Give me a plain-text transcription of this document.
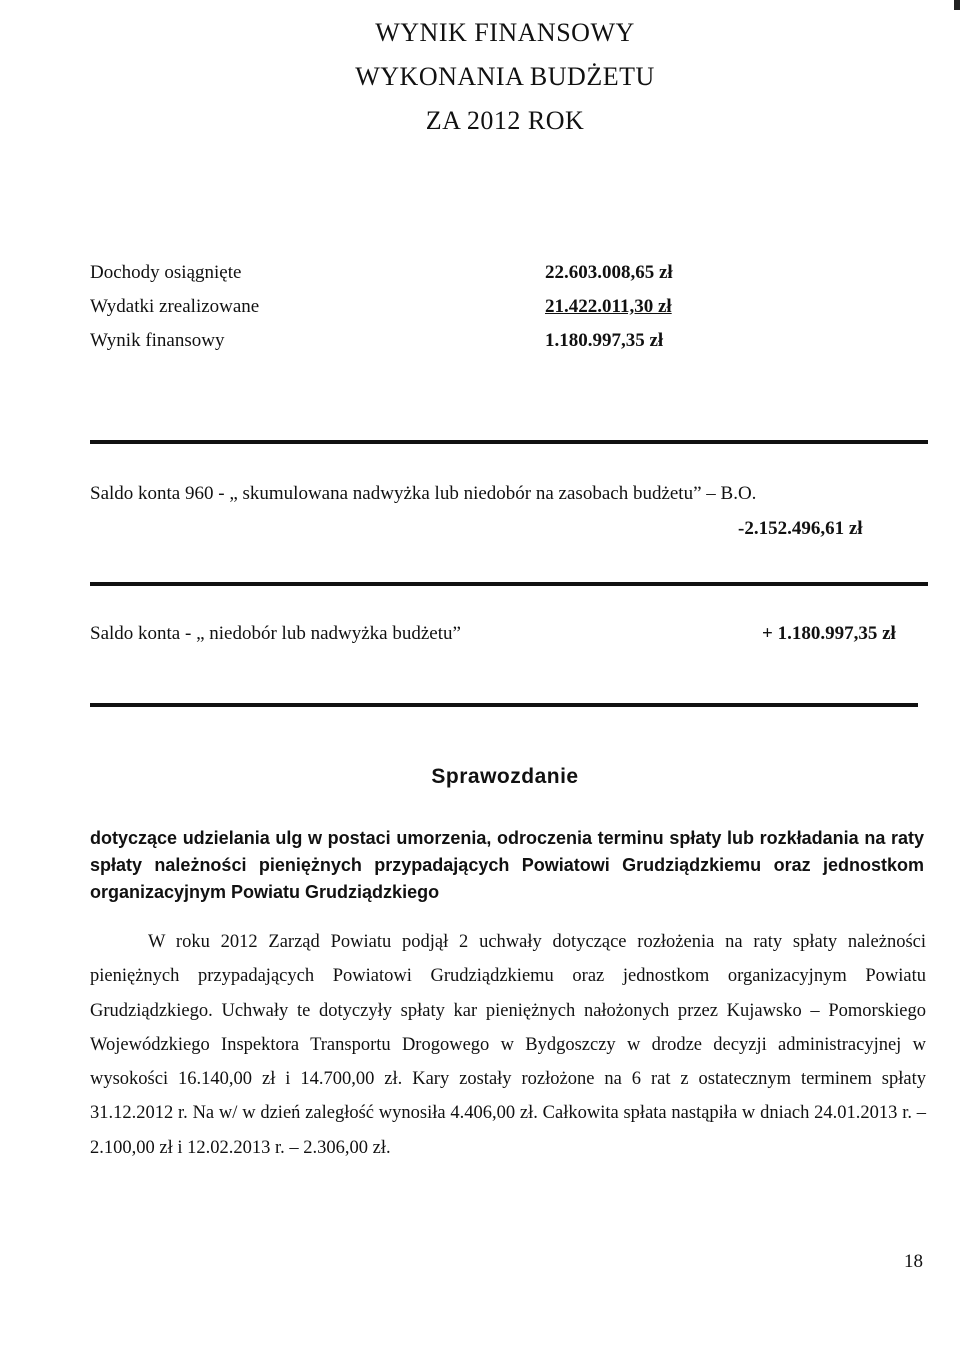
WYNIK FINANSOWY
WYKONANIA BUDŻETU
ZA 2012 ROK
Dochody osiągnięte	22.603.008,65 zł
Wydatki zrealizowane	21.422.011,30 zł
Wynik finansowy	1.180.997,35 zł
Saldo konta 960 - „ skumulowana nadwyżka lub niedobór na zasobach budżetu” – B.O.
-2.152.496,61 zł
Saldo konta - „ niedobór lub nadwyżka budżetu”	+ 1.180.997,35 zł
Sprawozdanie
dotyczące udzielania ulg w postaci umorzenia, odroczenia terminu spłaty lub rozkładania na raty spłaty należności pieniężnych przypadających Powiatowi Grudziądzkiemu oraz jednostkom organizacyjnym Powiatu Grudziądzkiego
W roku 2012 Zarząd Powiatu podjął 2 uchwały dotyczące rozłożenia na raty spłaty należności pieniężnych przypadających Powiatowi Grudziądzkiemu oraz jednostkom organizacyjnym Powiatu Grudziądzkiego. Uchwały te dotyczyły spłaty kar pieniężnych nałożonych przez Kujawsko – Pomorskiego Wojewódzkiego Inspektora Transportu Drogowego w Bydgoszczy w drodze decyzji administracyjnej w wysokości 16.140,00 zł i 14.700,00 zł. Kary zostały rozłożone na 6 rat z ostatecznym terminem spłaty 31.12.2012 r. Na w/ w dzień zaległość wynosiła 4.406,00 zł. Całkowita spłata nastąpiła w dniach 24.01.2013 r. – 2.100,00 zł i 12.02.2013 r. – 2.306,00 zł.
18
